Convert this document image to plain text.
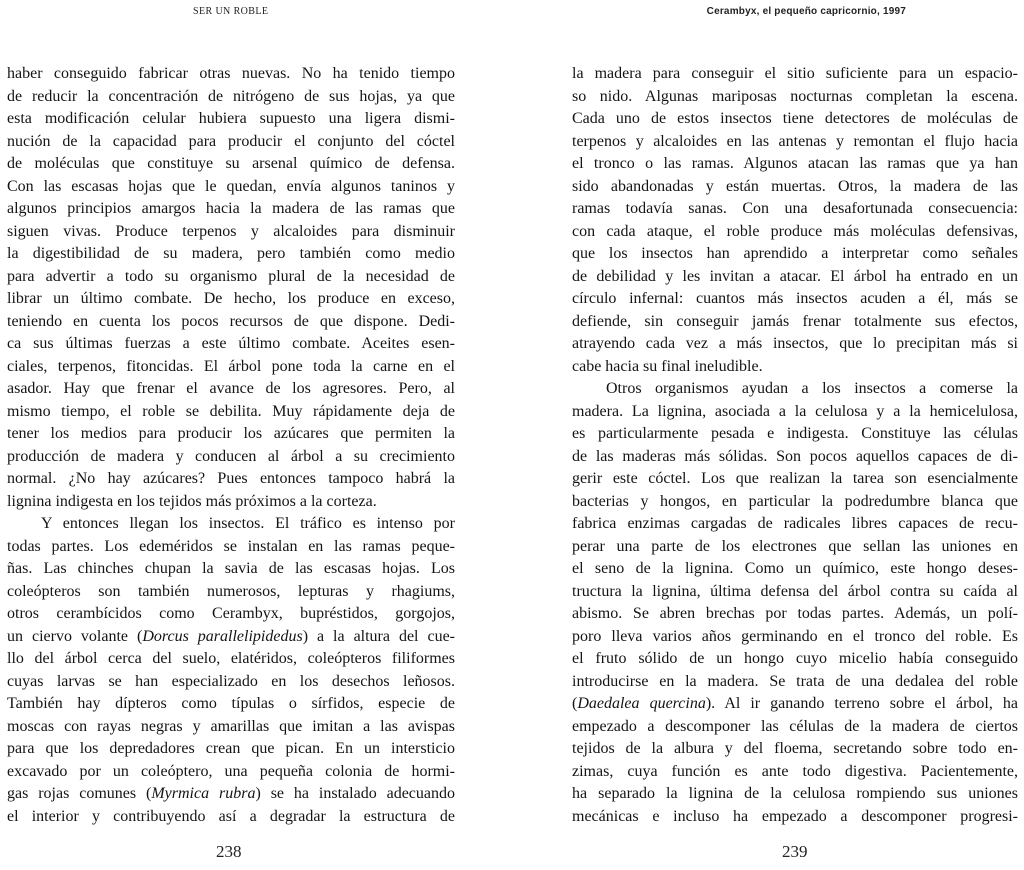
SER UN ROBLE	Cerambyx, el pequeño capricornio, 1997
haber conseguido fabricar otras nuevas. No ha tenido tiempo
de reducir la concentración de nitrógeno de sus hojas, ya que
esta modificación celular hubiera supuesto una ligera dismi-
nución de la capacidad para producir el conjunto del cóctel
de moléculas que constituye su arsenal químico de defensa.
Con las escasas hojas que le quedan, envía algunos taninos y
algunos principios amargos hacia la madera de las ramas que
siguen vivas. Produce terpenos y alcaloides para disminuir
la digestibilidad de su madera, pero también como medio
para advertir a todo su organismo plural de la necesidad de
librar un último combate. De hecho, los produce en exceso,
teniendo en cuenta los pocos recursos de que dispone. Dedi-
ca sus últimas fuerzas a este último combate. Aceites esen-
ciales, terpenos, fitoncidas. El árbol pone toda la carne en el
asador. Hay que frenar el avance de los agresores. Pero, al
mismo tiempo, el roble se debilita. Muy rápidamente deja de
tener los medios para producir los azúcares que permiten la
producción de madera y conducen al árbol a su crecimiento
normal. ¿No hay azúcares? Pues entonces tampoco habrá la
lignina indigesta en los tejidos más próximos a la corteza.
Y entonces llegan los insectos. El tráfico es intenso por
todas partes. Los edeméridos se instalan en las ramas peque-
ñas. Las chinches chupan la savia de las escasas hojas. Los
coleópteros son también numerosos, lepturas y rhagiums,
otros cerambícidos como Cerambyx, bupréstidos, gorgojos,
un ciervo volante (Dorcus parallelipidedus) a la altura del cue-
llo del árbol cerca del suelo, elatéridos, coleópteros filiformes
cuyas larvas se han especializado en los desechos leñosos.
También hay dípteros como típulas o sírfidos, especie de
moscas con rayas negras y amarillas que imitan a las avispas
para que los depredadores crean que pican. En un intersticio
excavado por un coleóptero, una pequeña colonia de hormi-
gas rojas comunes (Myrmica rubra) se ha instalado adecuando
el interior y contribuyendo así a degradar la estructura de
la madera para conseguir el sitio suficiente para un espacio-
so nido. Algunas mariposas nocturnas completan la escena.
Cada uno de estos insectos tiene detectores de moléculas de
terpenos y alcaloides en las antenas y remontan el flujo hacia
el tronco o las ramas. Algunos atacan las ramas que ya han
sido abandonadas y están muertas. Otros, la madera de las
ramas todavía sanas. Con una desafortunada consecuencia:
con cada ataque, el roble produce más moléculas defensivas,
que los insectos han aprendido a interpretar como señales
de debilidad y les invitan a atacar. El árbol ha entrado en un
círculo infernal: cuantos más insectos acuden a él, más se
defiende, sin conseguir jamás frenar totalmente sus efectos,
atrayendo cada vez a más insectos, que lo precipitan más si
cabe hacia su final ineludible.
Otros organismos ayudan a los insectos a comerse la
madera. La lignina, asociada a la celulosa y a la hemicelulosa,
es particularmente pesada e indigesta. Constituye las células
de las maderas más sólidas. Son pocos aquellos capaces de di-
gerir este cóctel. Los que realizan la tarea son esencialmente
bacterias y hongos, en particular la podredumbre blanca que
fabrica enzimas cargadas de radicales libres capaces de recu-
perar una parte de los electrones que sellan las uniones en
el seno de la lignina. Como un químico, este hongo deses-
tructura la lignina, última defensa del árbol contra su caída al
abismo. Se abren brechas por todas partes. Además, un polí-
poro lleva varios años germinando en el tronco del roble. Es
el fruto sólido de un hongo cuyo micelio había conseguido
introducirse en la madera. Se trata de una dedalea del roble
(Daedalea quercina). Al ir ganando terreno sobre el árbol, ha
empezado a descomponer las células de la madera de ciertos
tejidos de la albura y del floema, secretando sobre todo en-
zimas, cuya función es ante todo digestiva. Pacientemente,
ha separado la lignina de la celulosa rompiendo sus uniones
mecánicas e incluso ha empezado a descomponer progresi-
238	239
